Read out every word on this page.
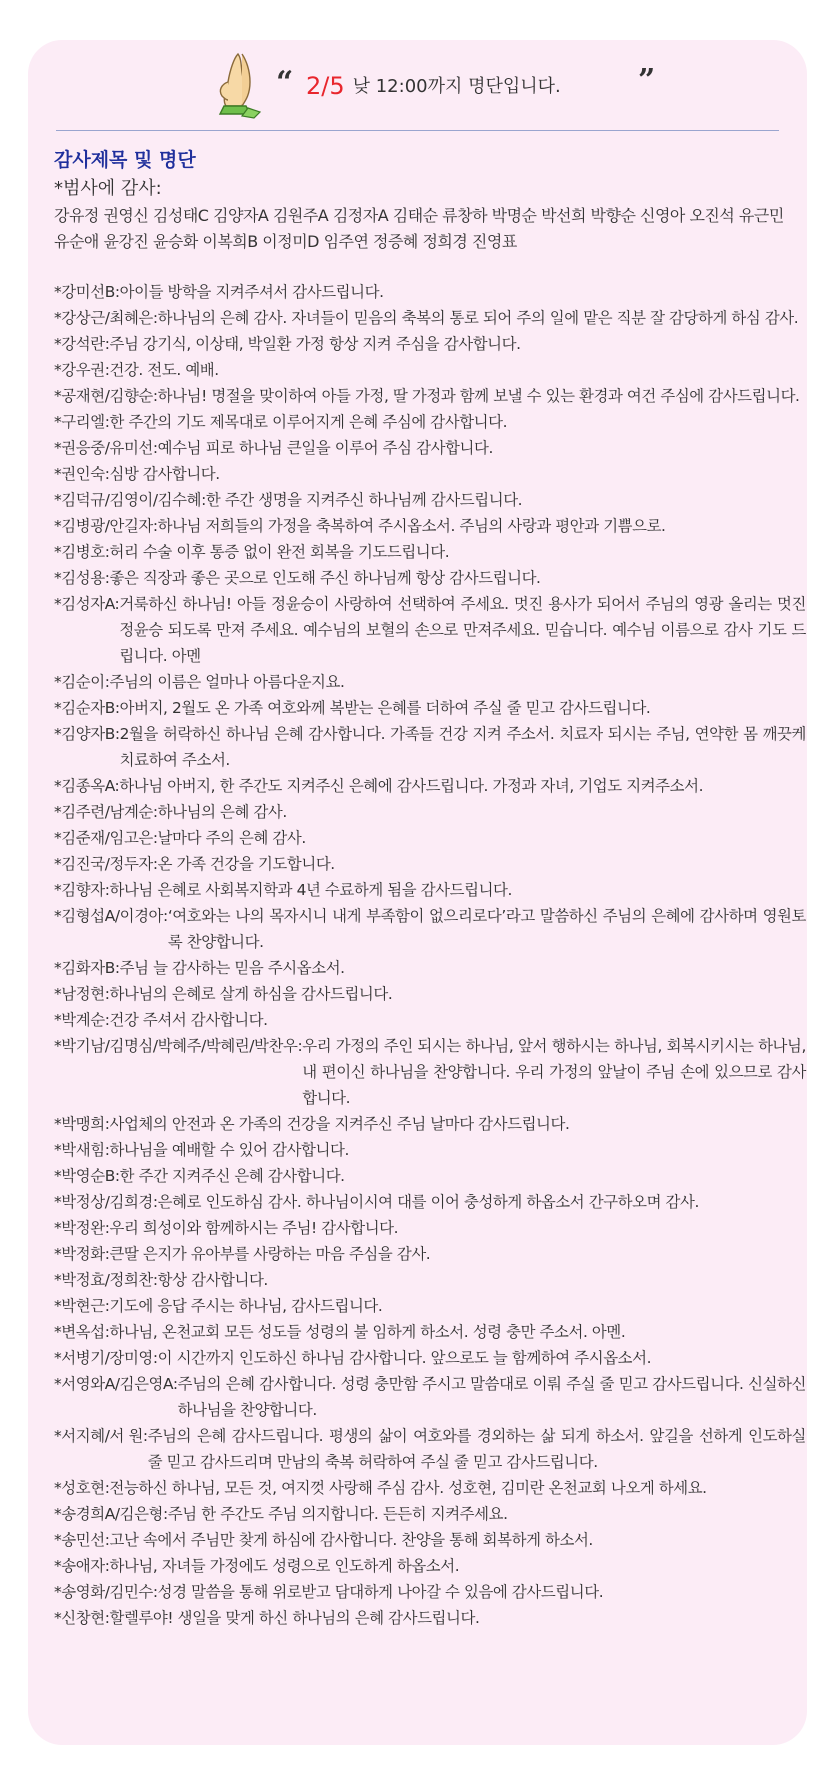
“ 2/5 낮 12:00까지 명단입니다.	”
감사제목 및 명단
*범사에 감사:
강유정 권영신 김성태C 김양자A 김원주A 김정자A 김태순 류창하 박명순 박선희 박향순 신영아 오진석 유근민
유순애 윤강진 윤승화 이복희B 이정미D 임주연 정증혜 정희경 진영표
*강미선B: 아이들 방학을 지켜주셔서 감사드립니다.
*강상근/최혜은: 하나님의 은혜 감사. 자녀들이 믿음의 축복의 통로 되어 주의 일에 맡은 직분 잘 감당하게 하심 감사.
*강석란: 주님 강기식, 이상태, 박일환 가정 항상 지켜 주심을 감사합니다.
*강우권: 건강. 전도. 예배.
*공재현/김향순: 하나님! 명절을 맞이하여 아들 가정, 딸 가정과 함께 보낼 수 있는 환경과 여건 주심에 감사드립니다.
*구리엘: 한 주간의 기도 제목대로 이루어지게 은혜 주심에 감사합니다.
*권응중/유미선: 예수님 피로 하나님 큰일을 이루어 주심 감사합니다.
*권인숙: 심방 감사합니다.
*김덕규/김영이/김수혜: 한 주간 생명을 지켜주신 하나님께 감사드립니다.
*김병광/안길자: 하나님 저희들의 가정을 축복하여 주시옵소서. 주님의 사랑과 평안과 기쁨으로.
*김병호: 허리 수술 이후 통증 없이 완전 회복을 기도드립니다.
*김성용: 좋은 직장과 좋은 곳으로 인도해 주신 하나님께 항상 감사드립니다.
*김성자A: 거룩하신 하나님! 아들 정윤승이 사랑하여 선택하여 주세요. 멋진 용사가 되어서 주님의 영광 올리는 멋진 정윤승 되도록 만져 주세요. 예수님의 보혈의 손으로 만져주세요. 믿습니다. 예수님 이름으로 감사 기도 드립니다. 아멘
*김순이: 주님의 이름은 얼마나 아름다운지요.
*김순자B: 아버지, 2월도 온 가족 여호와께 복받는 은혜를 더하여 주실 줄 믿고 감사드립니다.
*김양자B: 2월을 허락하신 하나님 은혜 감사합니다. 가족들 건강 지켜 주소서. 치료자 되시는 주님, 연약한 몸 깨끗케 치료하여 주소서.
*김종옥A: 하나님 아버지, 한 주간도 지켜주신 은혜에 감사드립니다. 가정과 자녀, 기업도 지켜주소서.
*김주련/남계순: 하나님의 은혜 감사.
*김준재/임고은: 날마다 주의 은혜 감사.
*김진국/정두자: 온 가족 건강을 기도합니다.
*김향자: 하나님 은혜로 사회복지학과 4년 수료하게 됨을 감사드립니다.
*김형섭A/이경아: ‘여호와는 나의 목자시니 내게 부족함이 없으리로다’라고 말씀하신 주님의 은혜에 감사하며 영원토록 찬양합니다.
*김화자B: 주님 늘 감사하는 믿음 주시옵소서.
*남정현: 하나님의 은혜로 살게 하심을 감사드립니다.
*박계순: 건강 주셔서 감사합니다.
*박기남/김명심/박혜주/박혜린/박찬우: 우리 가정의 주인 되시는 하나님, 앞서 행하시는 하나님, 회복시키시는 하나님, 내 편이신 하나님을 찬양합니다. 우리 가정의 앞날이 주님 손에 있으므로 감사합니다.
*박맹희: 사업체의 안전과 온 가족의 건강을 지켜주신 주님 날마다 감사드립니다.
*박새힘: 하나님을 예배할 수 있어 감사합니다.
*박영순B: 한 주간 지켜주신 은혜 감사합니다.
*박정상/김희경: 은혜로 인도하심 감사. 하나님이시여 대를 이어 충성하게 하옵소서 간구하오며 감사.
*박정완: 우리 희성이와 함께하시는 주님! 감사합니다.
*박정화: 큰딸 은지가 유아부를 사랑하는 마음 주심을 감사.
*박정효/정희찬: 항상 감사합니다.
*박현근: 기도에 응답 주시는 하나님, 감사드립니다.
*변옥섭: 하나님, 온천교회 모든 성도들 성령의 불 임하게 하소서. 성령 충만 주소서. 아멘.
*서병기/장미영: 이 시간까지 인도하신 하나님 감사합니다. 앞으로도 늘 함께하여 주시옵소서.
*서영와A/김은영A: 주님의 은혜 감사합니다. 성령 충만함 주시고 말씀대로 이뤄 주실 줄 믿고 감사드립니다. 신실하신 하나님을 찬양합니다.
*서지혜/서 원: 주님의 은혜 감사드립니다. 평생의 삶이 여호와를 경외하는 삶 되게 하소서. 앞길을 선하게 인도하실 줄 믿고 감사드리며 만남의 축복 허락하여 주실 줄 믿고 감사드립니다.
*성호현: 전능하신 하나님, 모든 것, 여지껏 사랑해 주심 감사. 성호현, 김미란 온천교회 나오게 하세요.
*송경희A/김은형: 주님 한 주간도 주님 의지합니다. 든든히 지켜주세요.
*송민선: 고난 속에서 주님만 찾게 하심에 감사합니다. 찬양을 통해 회복하게 하소서.
*송애자: 하나님, 자녀들 가정에도 성령으로 인도하게 하옵소서.
*송영화/김민수: 성경 말씀을 통해 위로받고 담대하게 나아갈 수 있음에 감사드립니다.
*신창현: 할렐루야! 생일을 맞게 하신 하나님의 은혜 감사드립니다.
